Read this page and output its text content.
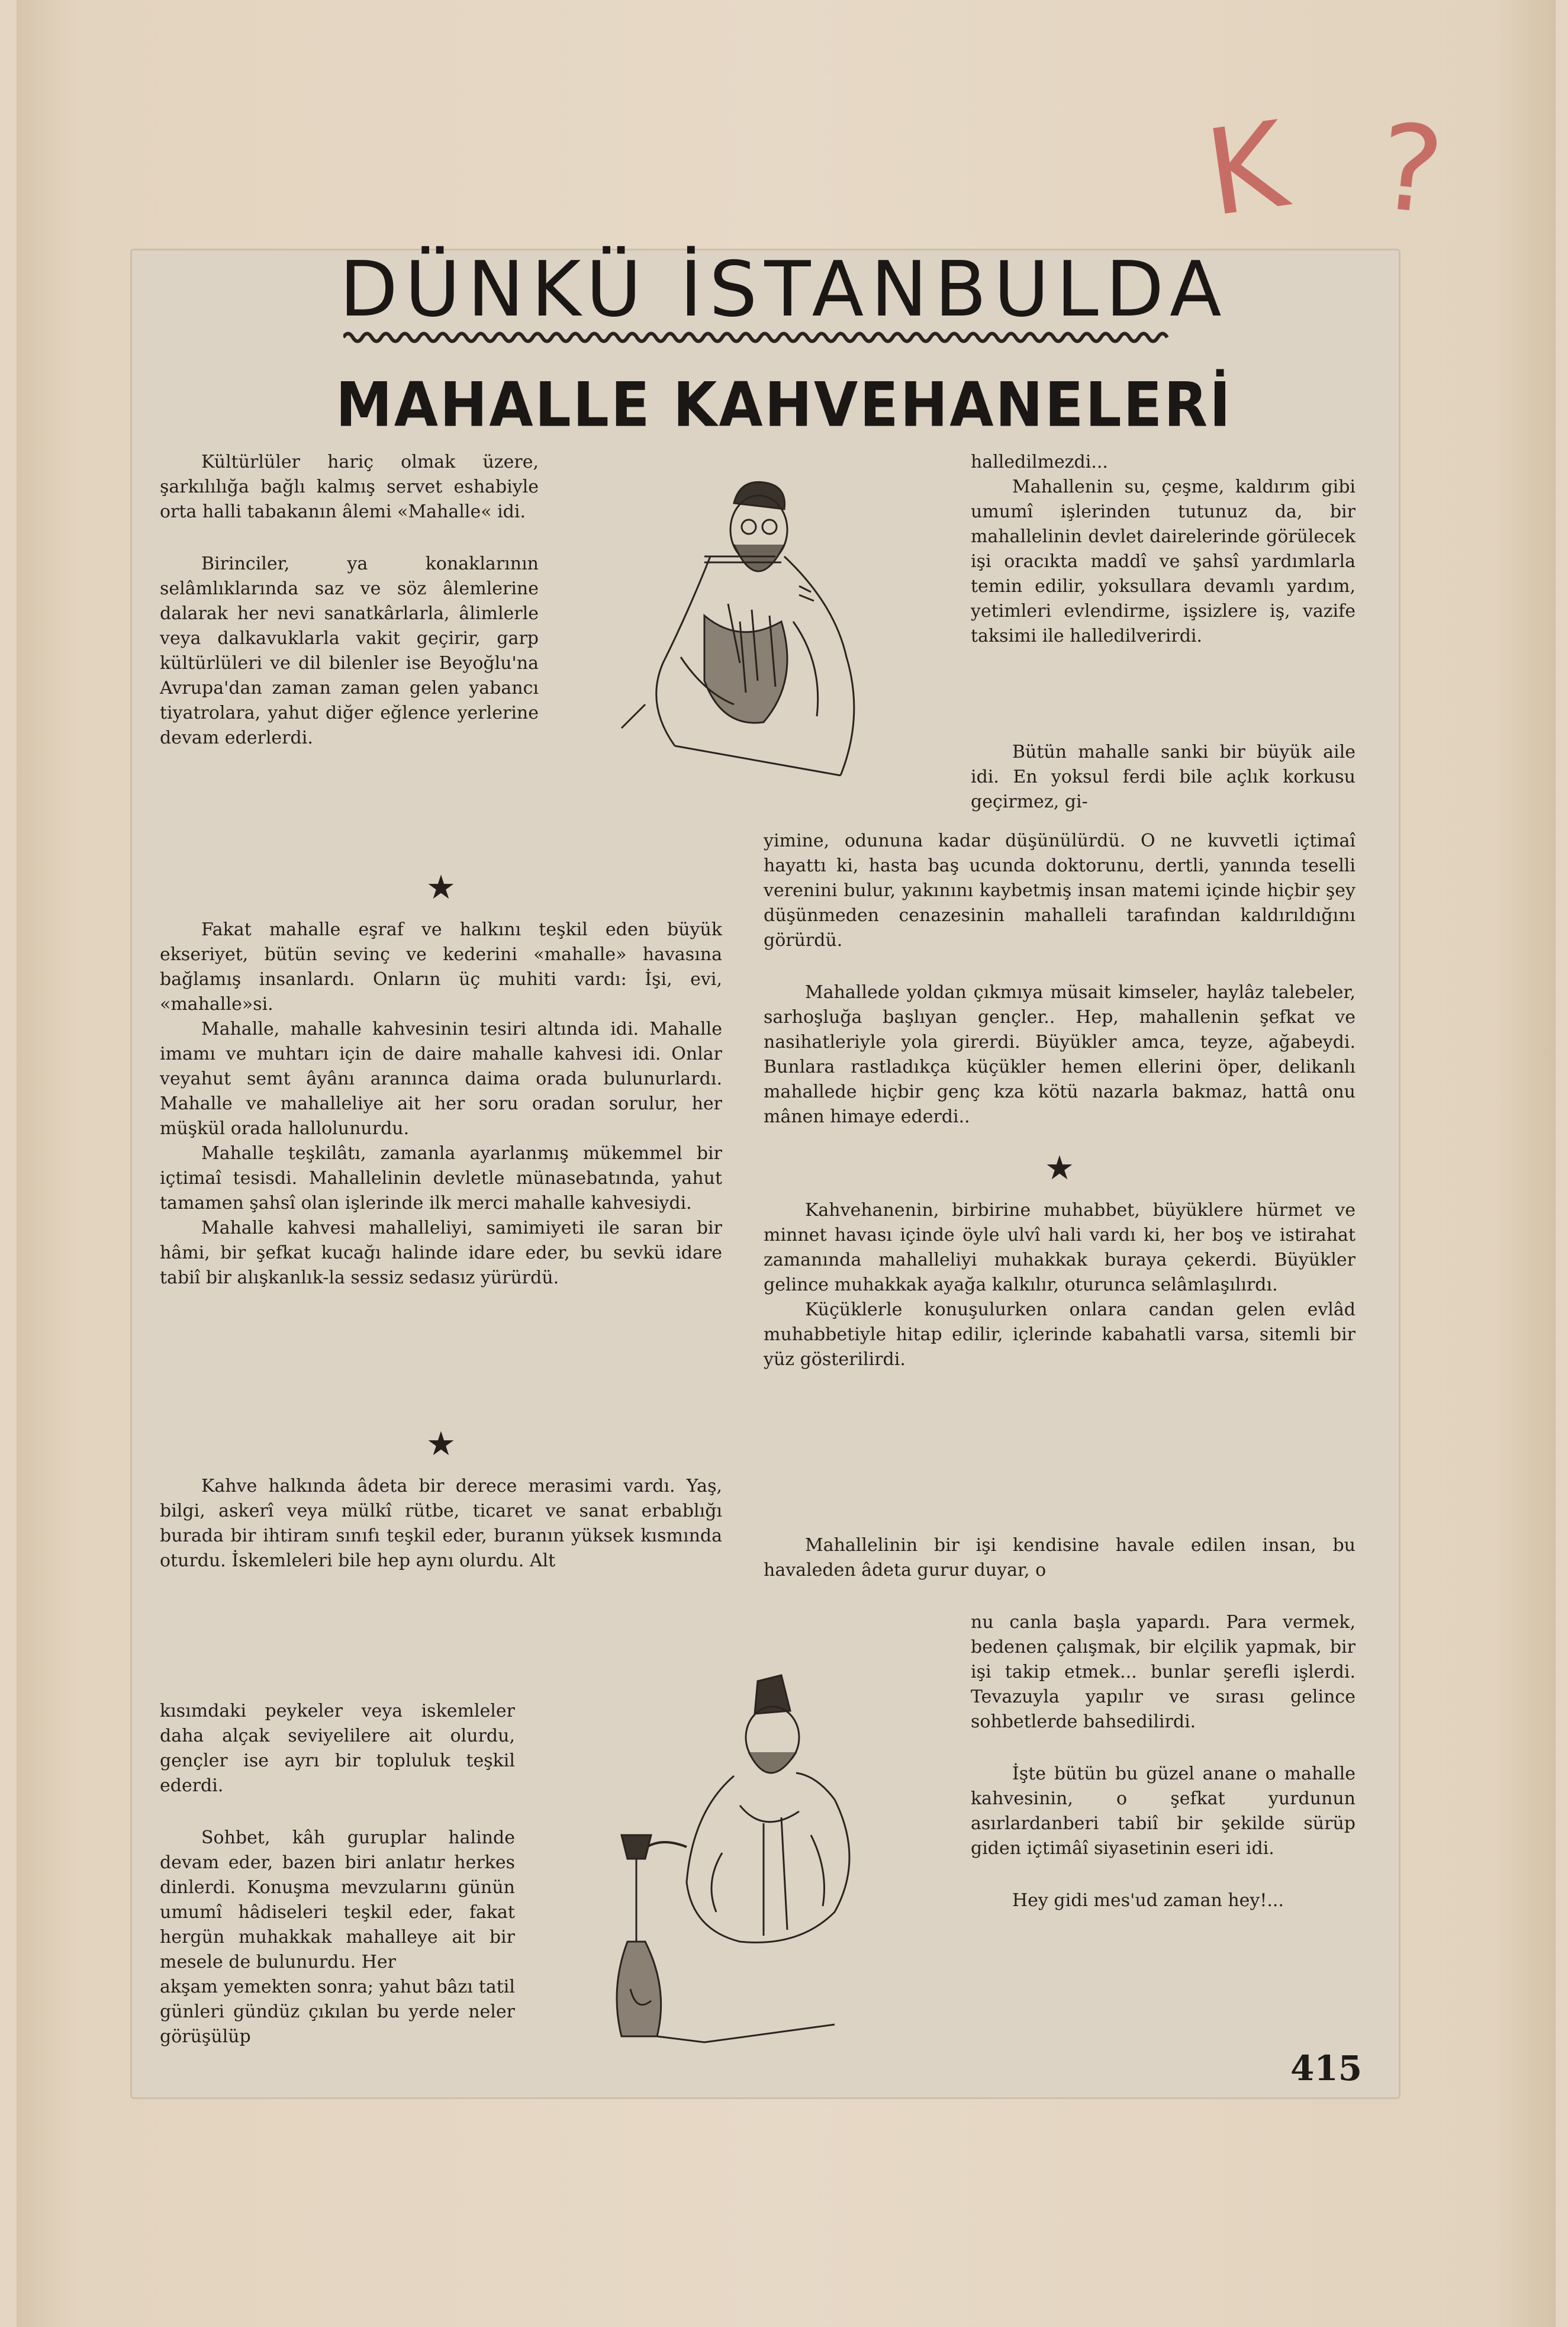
K ?
DÜNKÜ İSTANBULDA
MAHALLE KAHVEHANELERİ

Kültürlüler hariç olmak üzere, şarkılılığa bağlı kalmış servet eshabiyle orta halli tabakanın âlemi «Mahalle« idi.

Birinciler, ya konaklarının selâmlıklarında saz ve söz âlemlerine dalarak her nevi sanatkârlarla, âlimlerle veya dalkavuklarla vakit geçirir, garp kültürlüleri ve dil bilenler ise Beyoğlu'na Avrupa'dan zaman zaman gelen yabancı tiyatrolara, yahut diğer eğlence yerlerine devam ederlerdi.

★

Fakat mahalle eşraf ve halkını teşkil eden büyük ekseriyet, bütün sevinç ve kederini «mahalle» havasına bağlamış insanlardı. Onların üç muhiti vardı: İşi, evi, «mahalle»si.

Mahalle, mahalle kahvesinin tesiri altında idi. Mahalle imamı ve muhtarı için de daire mahalle kahvesi idi. Onlar veyahut semt âyânı aranınca daima orada bulunurlardı. Mahalle ve mahalleliye ait her soru oradan sorulur, her müşkül orada hallolunurdu.

Mahalle teşkilâtı, zamanla ayarlanmış mükemmel bir içtimaî tesisdi. Mahallelinin devletle münasebatında, yahut tamamen şahsî olan işlerinde ilk merci mahalle kahvesiydi.

Mahalle kahvesi mahalleliyi, samimiyeti ile saran bir hâmi, bir şefkat kucağı halinde idare eder, bu sevkü idare tabiî bir alışkanlık-la sessiz sedasız yürürdü.

★

Kahve halkında âdeta bir derece merasimi vardı. Yaş, bilgi, askerî veya mülkî rütbe, ticaret ve sanat erbablığı burada bir ihtiram sınıfı teşkil eder, buranın yüksek kısmında oturdu. İskemleleri bile hep aynı olurdu. Alt

kısımdaki peykeler veya iskemleler daha alçak seviyelilere ait olurdu, gençler ise ayrı bir topluluk teşkil ederdi.

Sohbet, kâh guruplar halinde devam eder, bazen biri anlatır herkes dinlerdi. Konuşma mevzularını günün umumî hâdiseleri teşkil eder, fakat hergün muhakkak mahalleye ait bir mesele de bulunurdu. Her

akşam yemekten sonra; yahut bâzı tatil günleri gündüz çıkılan bu yerde neler görüşülüp

halledilmezdi...

Mahallenin su, çeşme, kaldırım gibi umumî işlerinden tutunuz da, bir mahallelinin devlet dairelerinde görülecek işi oracıkta maddî ve şahsî yardımlarla temin edilir, yoksullara devamlı yardım, yetimleri evlendirme, işsizlere iş, vazife taksimi ile halledilverirdi.

Bütün mahalle sanki bir büyük aile idi. En yoksul ferdi bile açlık korkusu geçirmez, gi-

yimine, odununa kadar düşünülürdü. O ne kuvvetli içtimaî hayattı ki, hasta baş ucunda doktorunu, dertli, yanında teselli verenini bulur, yakınını kaybetmiş insan matemi içinde hiçbir şey düşünmeden cenazesinin mahalleli tarafından kaldırıldığını görürdü.

Mahallede yoldan çıkmıya müsait kimseler, haylâz talebeler, sarhoşluğa başlıyan gençler.. Hep, mahallenin şefkat ve nasihatleriyle yola girerdi. Büyükler amca, teyze, ağabeydi. Bunlara rastladıkça küçükler hemen ellerini öper, delikanlı mahallede hiçbir genç kza kötü nazarla bakmaz, hattâ onu mânen himaye ederdi..

★

Kahvehanenin, birbirine muhabbet, büyüklere hürmet ve minnet havası içinde öyle ulvî hali vardı ki, her boş ve istirahat zamanında mahalleliyi muhakkak buraya çekerdi. Büyükler gelince muhakkak ayağa kalkılır, oturunca selâmlaşılırdı.

Küçüklerle konuşulurken onlara candan gelen evlâd muhabbetiyle hitap edilir, içlerinde kabahatli varsa, sitemli bir yüz gösterilirdi.

Mahallelinin bir işi kendisine havale edilen insan, bu havaleden âdeta gurur duyar, o

nu canla başla yapardı. Para vermek, bedenen çalışmak, bir elçilik yapmak, bir işi takip etmek... bunlar şerefli işlerdi. Tevazuyla yapılır ve sırası gelince sohbetlerde bahsedilirdi.

İşte bütün bu güzel anane o mahalle kahvesinin, o şefkat yurdunun asırlardanberi tabiî bir şekilde sürüp giden içtimâî siyasetinin eseri idi.

Hey gidi mes'ud zaman hey!...

415
